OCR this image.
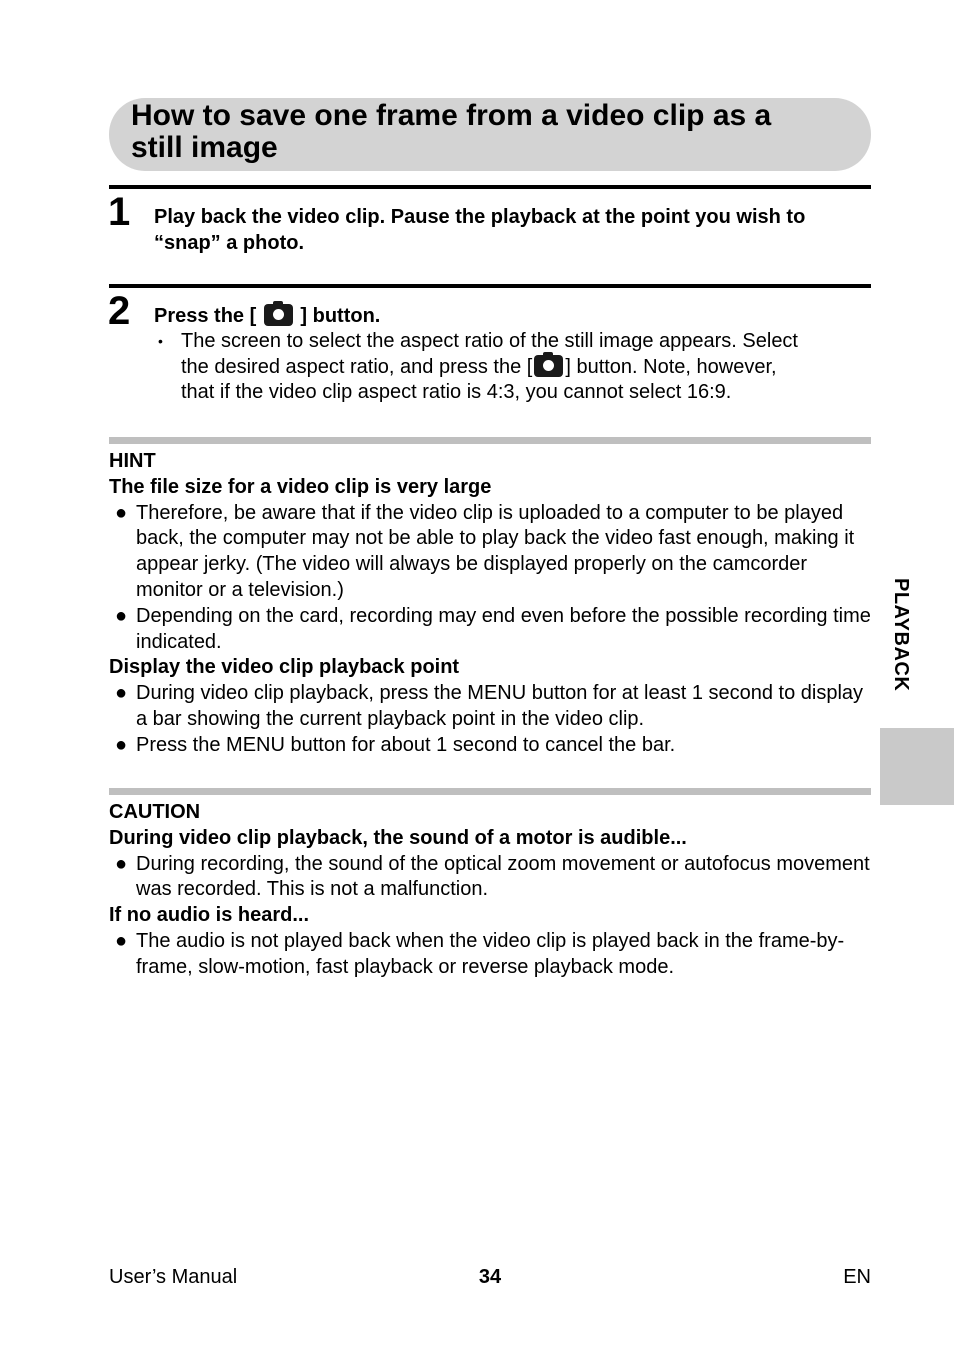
How to save one frame from a video clip as a
still image
1 Play back the video clip. Pause the playback at the point you wish to
“snap” a photo.
2 Press the [ ] button.
• The screen to select the aspect ratio of the still image appears. Select
the desired aspect ratio, and press the [ ] button. Note, however,
that if the video clip aspect ratio is 4:3, you cannot select 16:9.
HINT
The file size for a video clip is very large
● Therefore, be aware that if the video clip is uploaded to a computer to be played back, the computer may not be able to play back the video fast enough, making it appear jerky. (The video will always be displayed properly on the camcorder monitor or a television.)
● Depending on the card, recording may end even before the possible recording time indicated.
Display the video clip playback point
● During video clip playback, press the MENU button for at least 1 second to display a bar showing the current playback point in the video clip.
● Press the MENU button for about 1 second to cancel the bar.
CAUTION
During video clip playback, the sound of a motor is audible...
● During recording, the sound of the optical zoom movement or autofocus movement was recorded. This is not a malfunction.
If no audio is heard...
● The audio is not played back when the video clip is played back in the frame-by-frame, slow-motion, fast playback or reverse playback mode.
PLAYBACK
User’s Manual	34	EN
